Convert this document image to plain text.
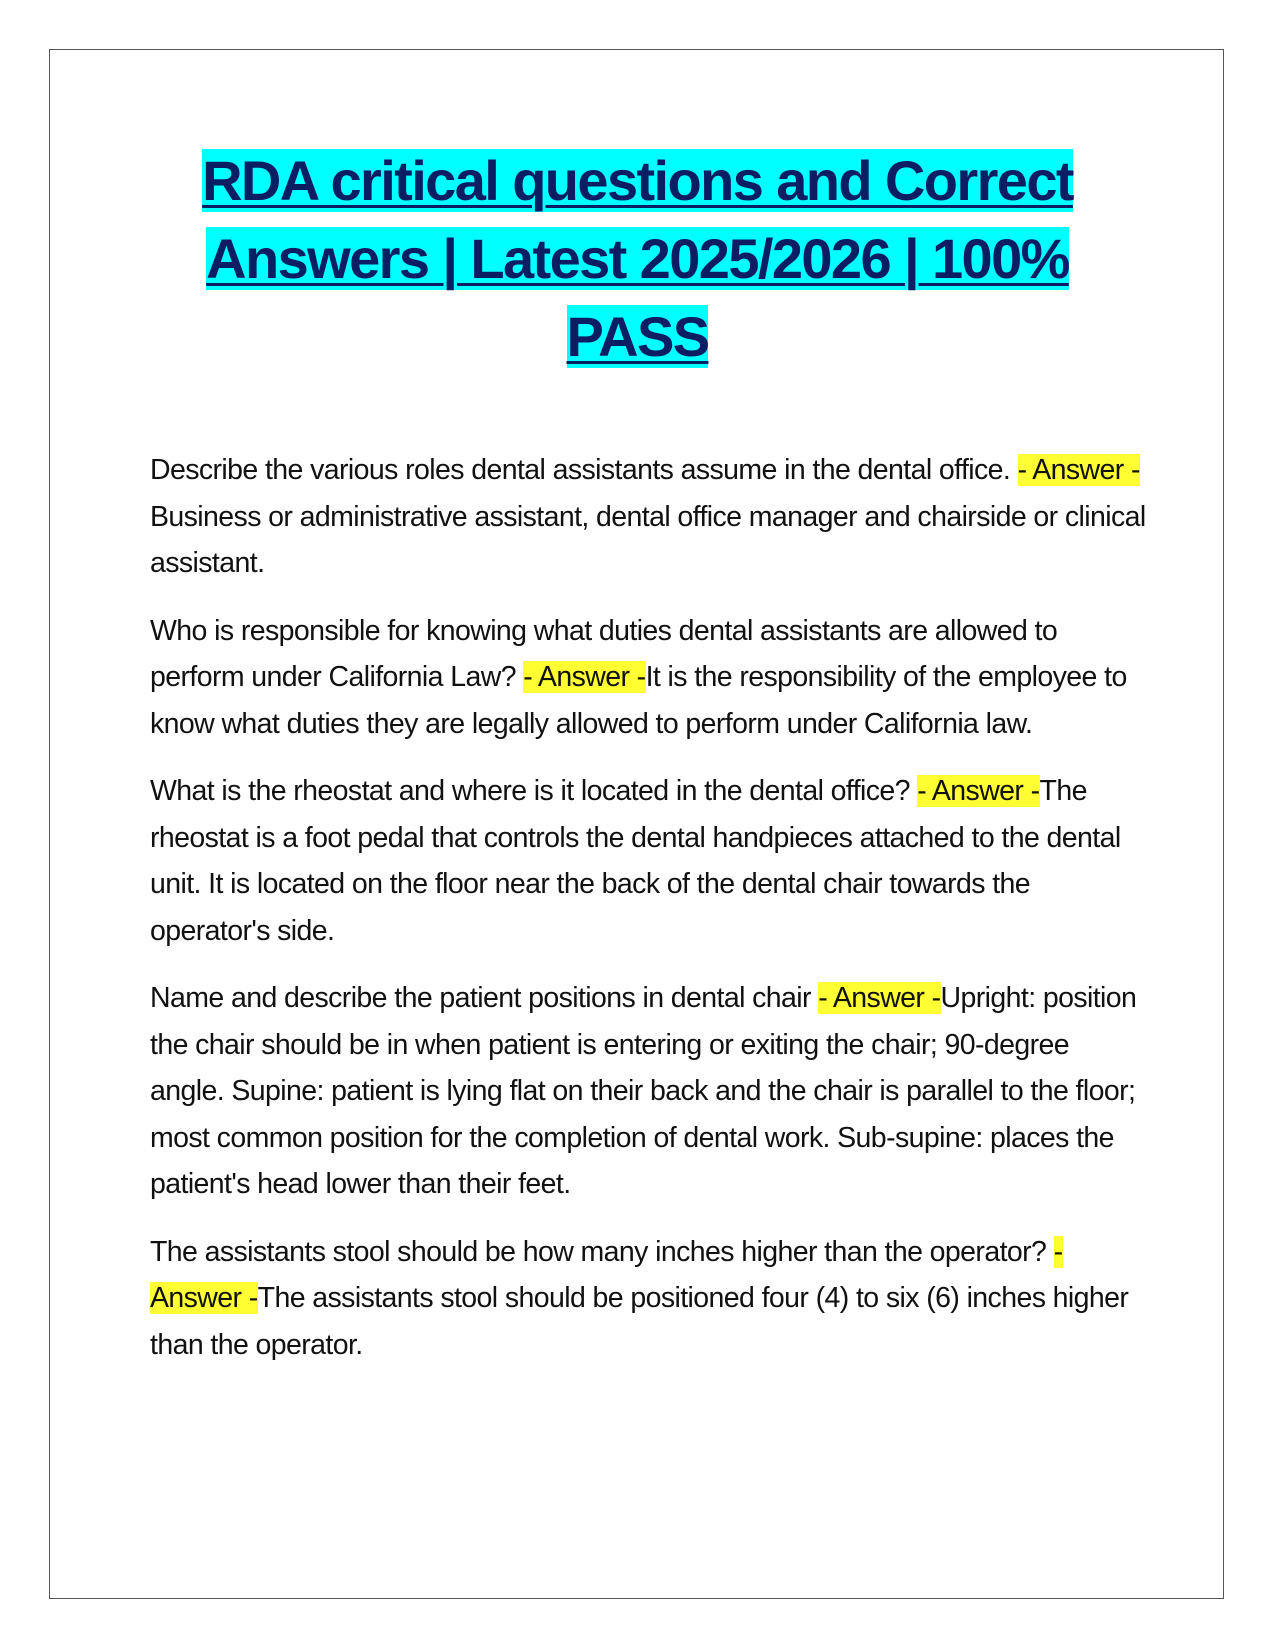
RDA critical questions and Correct
Answers | Latest 2025/2026 | 100%
PASS

Describe the various roles dental assistants assume in the dental office. - Answer -Business or administrative assistant, dental office manager and chairside or clinical assistant.

Who is responsible for knowing what duties dental assistants are allowed to perform under California Law? - Answer -It is the responsibility of the employee to know what duties they are legally allowed to perform under California law.

What is the rheostat and where is it located in the dental office? - Answer -The rheostat is a foot pedal that controls the dental handpieces attached to the dental unit. It is located on the floor near the back of the dental chair towards the operator's side.

Name and describe the patient positions in dental chair - Answer -Upright: position the chair should be in when patient is entering or exiting the chair; 90-degree angle. Supine: patient is lying flat on their back and the chair is parallel to the floor; most common position for the completion of dental work. Sub-supine: places the patient's head lower than their feet.

The assistants stool should be how many inches higher than the operator? - Answer -The assistants stool should be positioned four (4) to six (6) inches higher than the operator.
